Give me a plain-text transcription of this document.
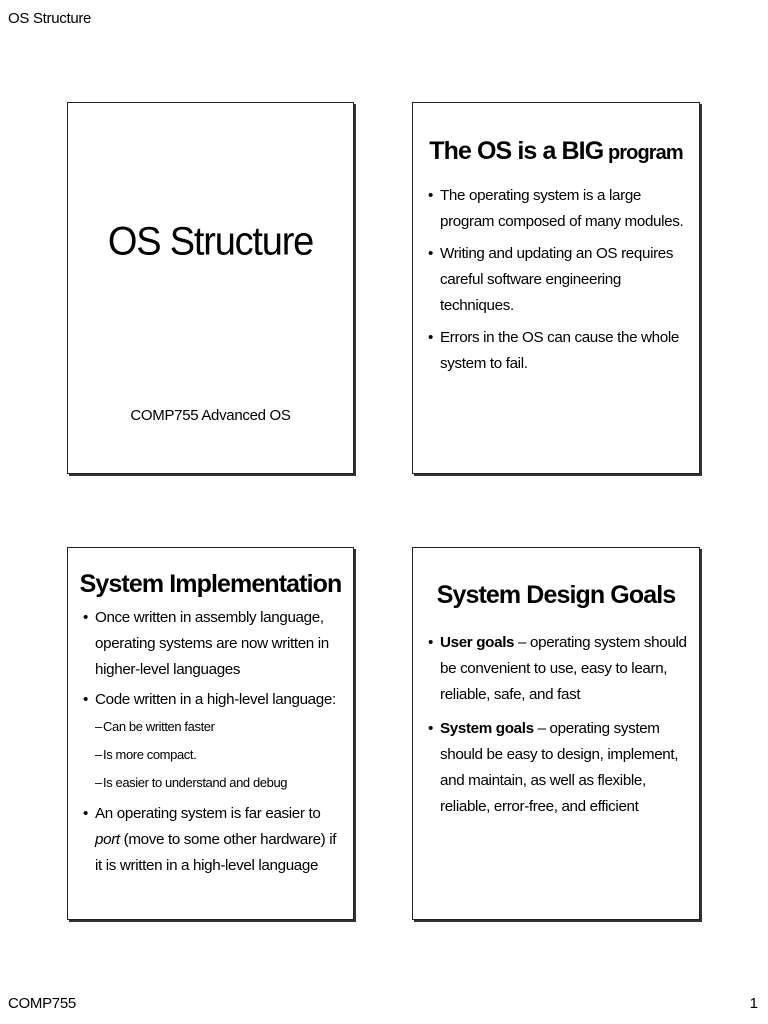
OS Structure
OS Structure
COMP755 Advanced OS
The OS is a BIG program
• The operating system is a large program composed of many modules.
• Writing and updating an OS requires careful software engineering techniques.
• Errors in the OS can cause the whole system to fail.
System Implementation
• Once written in assembly language, operating systems are now written in higher-level languages
• Code written in a high-level language:
– Can be written faster
– Is more compact.
– Is easier to understand and debug
• An operating system is far easier to port (move to some other hardware) if it is written in a high-level language
System Design Goals
• User goals – operating system should be convenient to use, easy to learn, reliable, safe, and fast
• System goals – operating system should be easy to design, implement, and maintain, as well as flexible, reliable, error-free, and efficient
COMP755	1
